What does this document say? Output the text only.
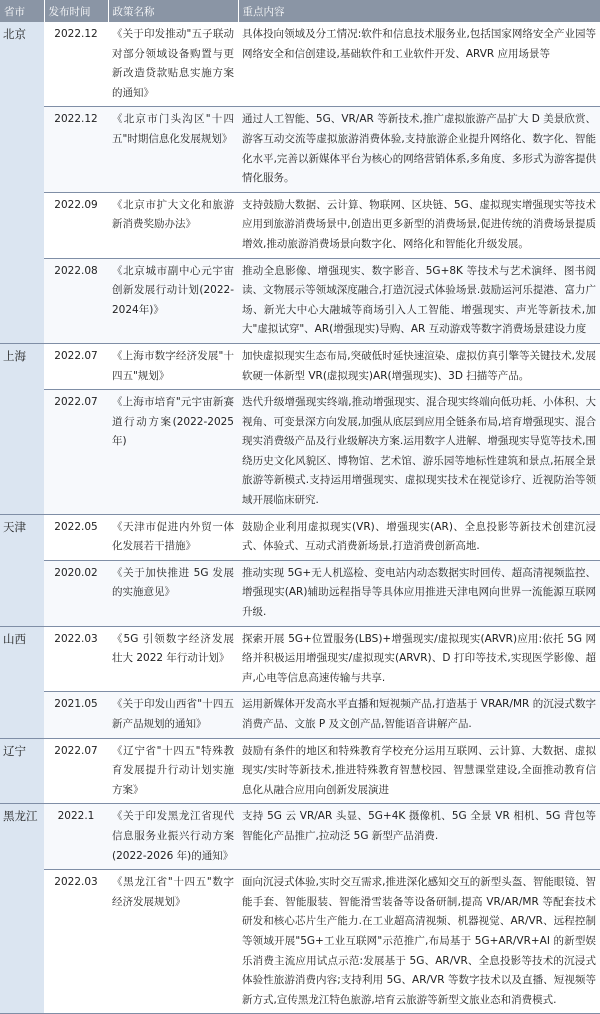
省市	发布时间	政策名称	重点内容
北京	2022.12	《关于印发推动"五子联动对部分领域设备购置与更新改造贷款贴息实施方案的通知》	具体投向领域及分工情况:软件和信息技术服务业,包括国家网络安全产业园等网络安全和信创建设,基础软件和工业软件开发、ARVR 应用场景等
	2022.12	《北京市门头沟区"十四五"时期信息化发展规划》	通过人工智能、5G、VR/AR 等新技术,推广虚拟旅游产品扩大 D 美景欣赏、游客互动交流等虚拟旅游消费体验,支持旅游企业提升网络化、数字化、智能化水平,完善以新媒体平台为核心的网络营销体系,多角度、多形式为游客提供情化服务。
	2022.09	《北京市扩大文化和旅游新消费奖励办法》	支持鼓励大数据、云计算、物联网、区块链、5G、虚拟现实增强现实等技术应用到旅游消费场景中,创造出更多新型的消费场景,促进传统的消费场景提质增效,推动旅游消费场景向数字化、网络化和智能化升级发展。
	2022.08	《北京城市副中心元宇宙创新发展行动计划(2022-2024年)》	推动全息影像、增强现实、数字影音、5G+8K 等技术与艺术演绎、图书阅读、文物展示等领域深度融合,打造沉浸式体验场景.鼓励运河乐提港、富力广场、新光大中心大融城等商场引入人工智能、增强现实、声光等新技术,加大"虚拟试穿"、AR(增强现实)导购、AR 互动游戏等数字消费场景建设力度
上海	2022.07	《上海市数字经济发展"十四五"规划》	加快虚拟现实生态布局,突破低时延快速渲染、虚拟仿真引擎等关键技术,发展软硬一体新型 VR(虚拟现实)AR(增强现实)、3D 扫描等产品。
	2022.07	《上海市培育"元宇宙新赛道行动方案(2022-2025年)	迭代升级增强现实终端,推动增强现实、混合现实终端向低功耗、小体积、大视角、可变景深方向发展,加强从底层到应用全链条布局,培育增强现实、混合现实消费级产品及行业级解决方案.运用数字人进解、增强现实导览等技术,围绕历史文化风貌区、博物馆、艺术馆、游乐园等地标性建筑和景点,拓展全景旅游等新模式.支持运用增强现实、虚拟现实技术在视觉诊疗、近视防治等领域开展临床研究.
天津	2022.05	《天津市促进内外贸一体化发展若干措施》	鼓励企业利用虚拟现实(VR)、增强现实(AR)、全息投影等新技术创建沉浸式、体验式、互动式消费新场景,打造消费创新高地.
	2020.02	《关于加快推进 5G 发展的实施意见》	推动实现 5G+无人机巡检、变电站内动态数据实时回传、超高清视频监控、增强现实(AR)辅助远程指导等具体应用推进天津电网向世界一流能源互联网升级.
山西	2022.03	《5G 引领数字经济发展壮大 2022 年行动计划》	探索开展 5G+位置服务(LBS)+增强现实/虚拟现实(ARVR)应用:依托 5G 网络并积极运用增强现实/虚拟现实(ARVR)、D 打印等技术,实现医学影像、超声,心电等信息高速传输与共享.
	2021.05	《关于印发山西省"十四五新产品规划的通知》	运用新媒体开发高水平直播和短视频产品,打造基于 VRAR/MR 的沉浸式数字消费产品、文旅 P 及文创产品,智能语音讲解产品.
辽宁	2022.07	《辽宁省"十四五"特殊教育发展提升行动计划实施方案》	鼓励有条件的地区和特殊教育学校充分运用互联网、云计算、大数据、虚拟现实/实时等新技术,推进特殊教育智慧校园、智慧课堂建设,全面推动教育信息化从融合应用向创新发展演进
黑龙江	2022.1	《关于印发黑龙江省现代信息服务业振兴行动方案(2022-2026 年)的通知》	支持 5G 云 VR/AR 头显、5G+4K 摄像机、5G 全景 VR 相机、5G 背包等智能化产品推广,拉动泛 5G 新型产品消费.
	2022.03	《黑龙江省"十四五"数字经济发展规划》	面向沉浸式体验,实时交互需求,推进深化感知交互的新型头盔、智能眼镜、智能手套、智能服装、智能滑雪装备等设备研制,提高 VR/AR/MR 等配套技术研发和核心芯片生产能力.在工业超高清视频、机器视觉、AR/VR、远程控制等领域开展"5G+工业互联网"示范推广,布局基于 5G+AR/VR+AI 的新型娱乐消费主流应用试点示范:发展基于 5G、AR/VR、全息投影等技术的沉浸式体验性旅游消费内容;支持利用 5G、AR/VR 等数字技术以及直播、短视频等新方式,宣传黑龙江特色旅游,培育云旅游等新型文旅业态和消费模式.
